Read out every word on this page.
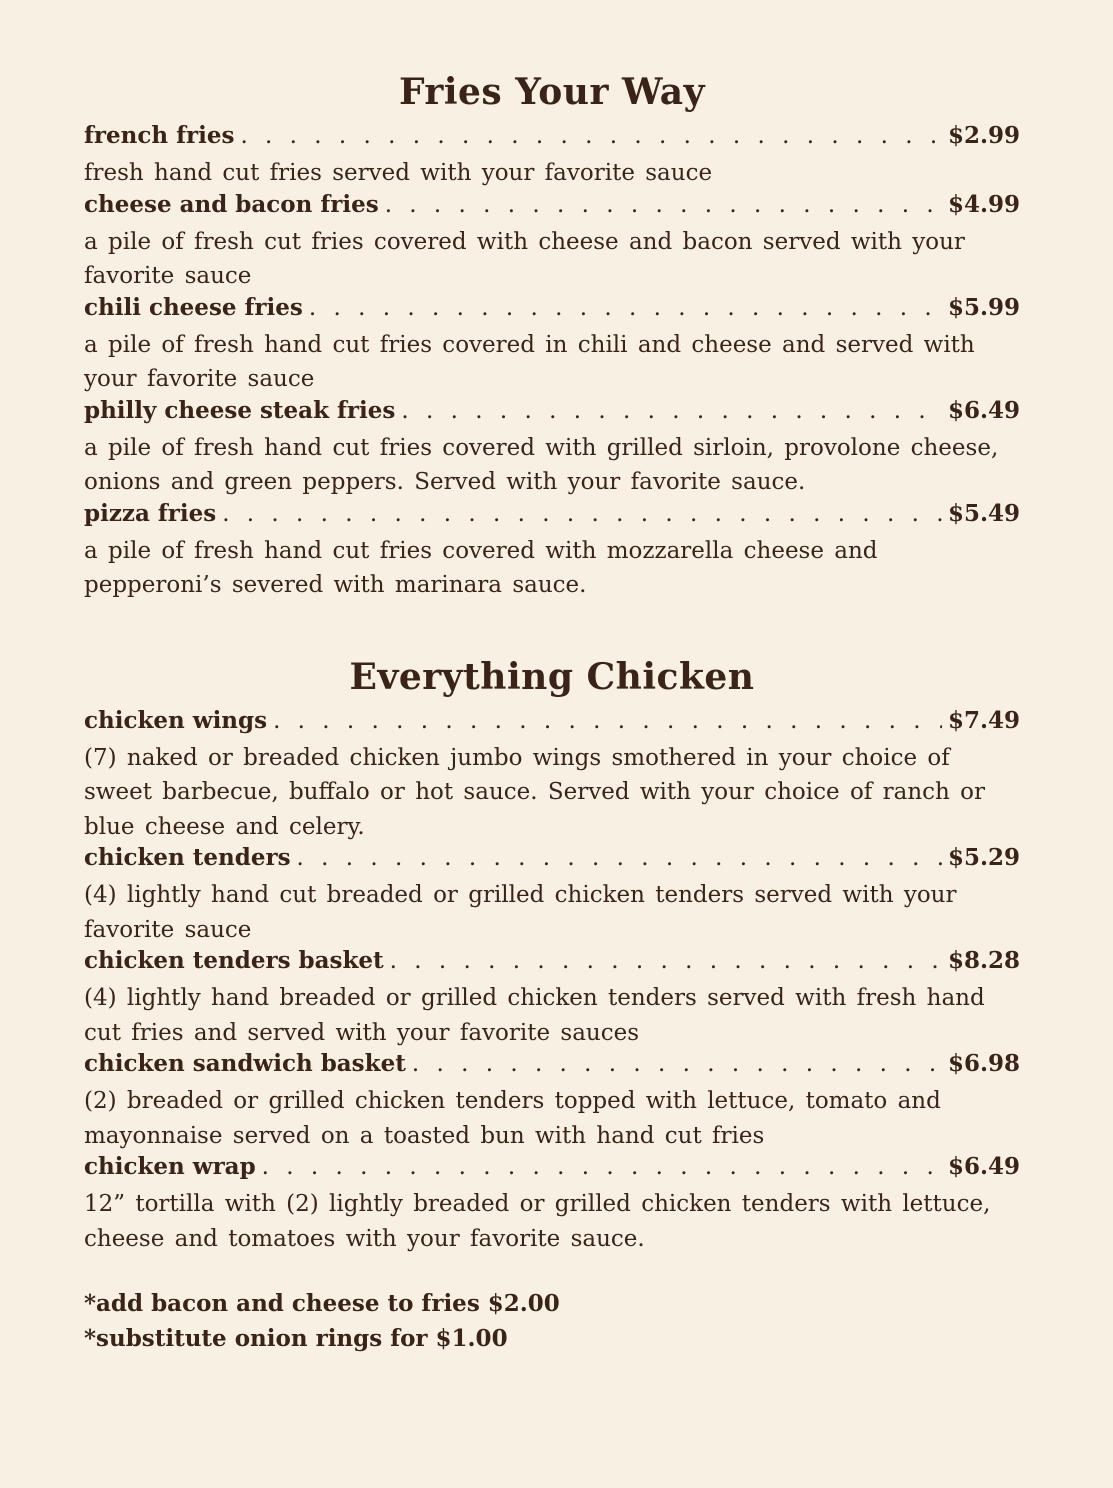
Fries Your Way
french fries . . .	$2.99

fresh hand cut fries served with your favorite sauce

cheese and bacon fries . . .	$4.99

a pile of fresh cut fries covered with cheese and bacon served with your favorite sauce

chili cheese fries . . .	$5.99

a pile of fresh hand cut fries covered in chili and cheese and served with your favorite sauce

philly cheese steak fries . . .	$6.49

a pile of fresh hand cut fries covered with grilled sirloin, provolone cheese, onions and green peppers. Served with your favorite sauce.

pizza fries . . .	$5.49

a pile of fresh hand cut fries covered with mozzarella cheese and pepperoni’s severed with marinara sauce.

Everything Chicken
chicken wings . . .	$7.49

(7) naked or breaded chicken jumbo wings smothered in your choice of sweet barbecue, buffalo or hot sauce. Served with your choice of ranch or blue cheese and celery.

chicken tenders . . .	$5.29

(4) lightly hand cut breaded or grilled chicken tenders served with your favorite sauce

chicken tenders basket . . .	$8.28

(4) lightly hand breaded or grilled chicken tenders served with fresh hand cut fries and served with your favorite sauces

chicken sandwich basket . . .	$6.98

(2) breaded or grilled chicken tenders topped with lettuce, tomato and mayonnaise served on a toasted bun with hand cut fries

chicken wrap . . .	$6.49

12” tortilla with (2) lightly breaded or grilled chicken tenders with lettuce, cheese and tomatoes with your favorite sauce.

*add bacon and cheese to fries $2.00
*substitute onion rings for $1.00
